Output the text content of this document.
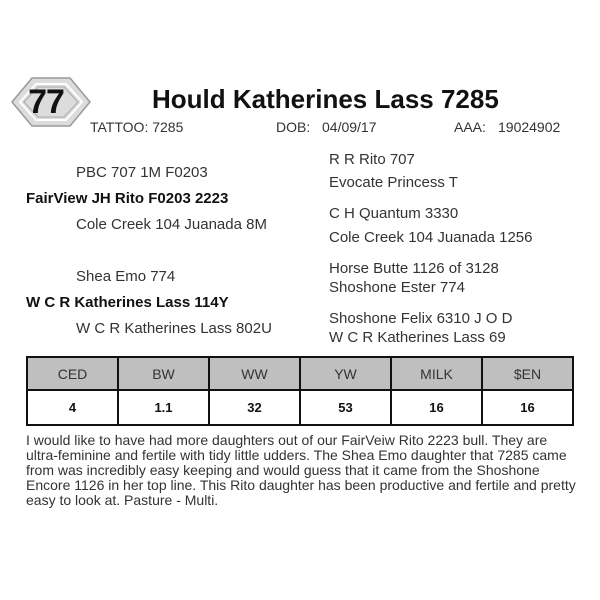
77	Hould Katherines Lass 7285
TATTOO: 7285	DOB: 04/09/17	AAA: 19024902
PBC 707 1M F0203
FairView JH Rito F0203 2223
Cole Creek 104 Juanada 8M
Shea Emo 774
W C R Katherines Lass 114Y
W C R Katherines Lass 802U
R R Rito 707
Evocate Princess T
C H Quantum 3330
Cole Creek 104 Juanada 1256
Horse Butte 1126 of 3128
Shoshone Ester 774
Shoshone Felix 6310 J O D
W C R Katherines Lass 69
CED	BW	WW	YW	MILK	$EN
4	1.1	32	53	16	16
I would like to have had more daughters out of our FairVeiw Rito 2223 bull. They are ultra-feminine and fertile with tidy little udders. The Shea Emo daughter that 7285 came from was incredibly easy keeping and would guess that it came from the Shoshone Encore 1126 in her top line. This Rito daughter has been productive and fertile and pretty easy to look at. Pasture - Multi.
